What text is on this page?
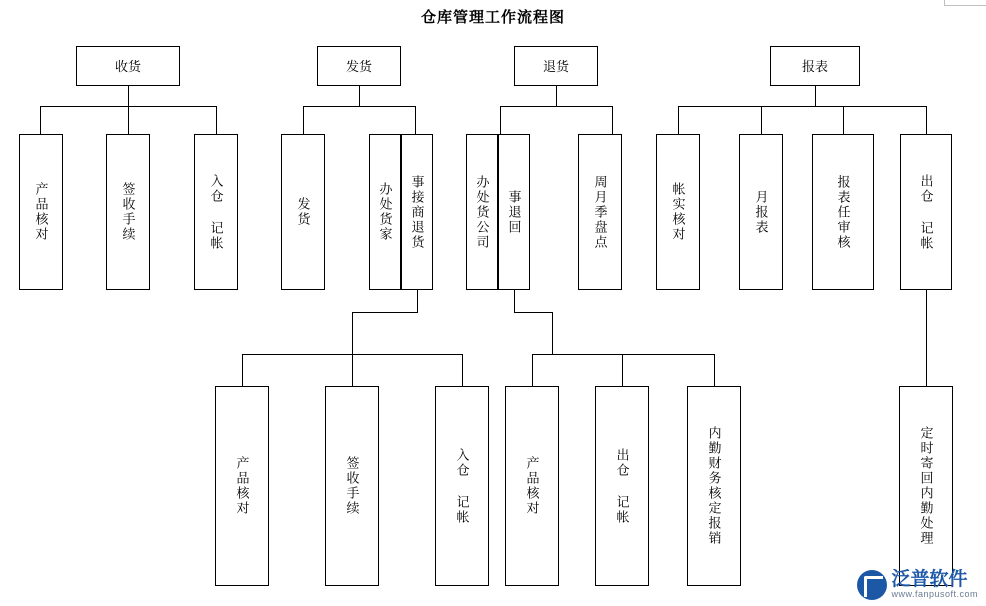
仓库管理工作流程图
收货	发货	退货	报表
产品核对	签收手续	入仓 记帐	发货	办处货家 事接商退货	办处货公司 事退回	周月季盘点	帐实核对	月报表	报表任审核	出仓 记帐
产品核对	签收手续	入仓 记帐	产品核对	出仓 记帐	内勤财务核定报销	定时寄回内勤处理
泛普软件
www.fanpusoft.com
